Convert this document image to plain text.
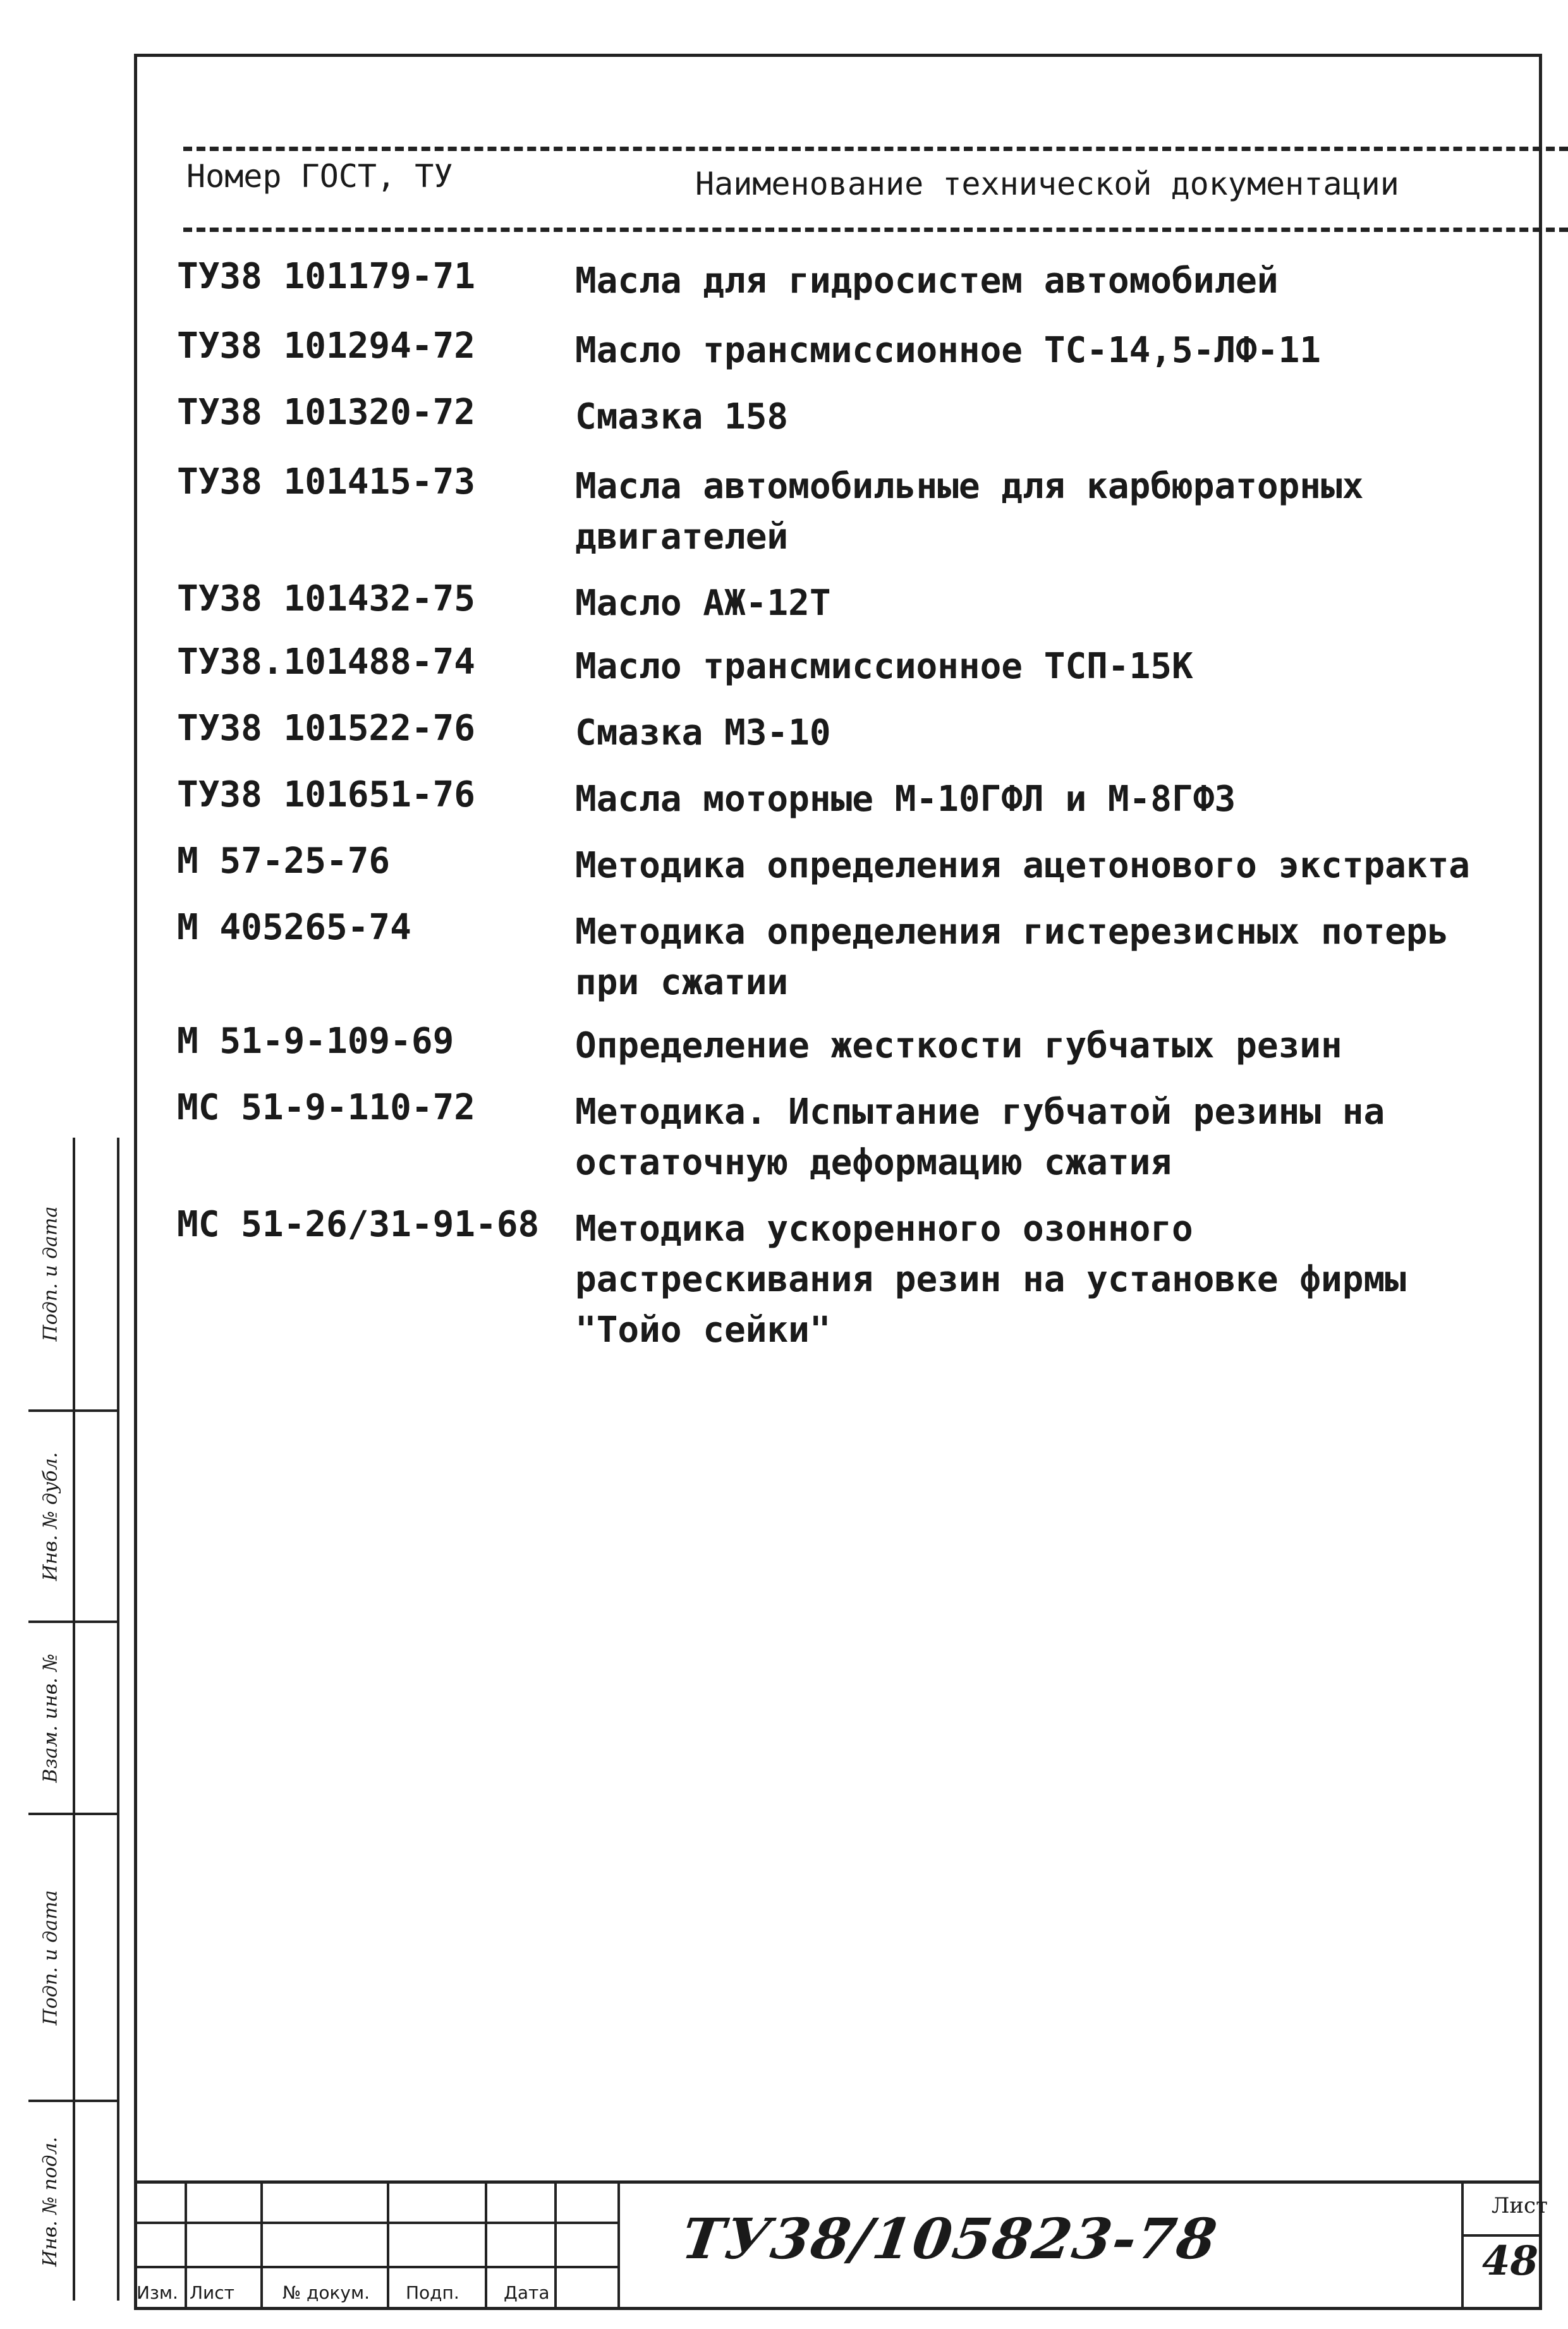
Номер ГОСТ, ТУ	Наименование технической документации
ТУ38 101179-71	Масла для гидросистем автомобилей
ТУ38 101294-72	Масло трансмиссионное ТС-14,5-ЛФ-11
ТУ38 101320-72	Смазка 158
ТУ38 101415-73	Масла автомобильные для карбюраторных двигателей
ТУ38 101432-75	Масло АЖ-12Т
ТУ38.101488-74	Масло трансмиссионное ТСП-15К
ТУ38 101522-76	Смазка МЗ-10
ТУ38 101651-76	Масла моторные М-10ГФЛ и М-8ГФЗ
М 57-25-76	Методика определения ацетонового экстракта
М 405265-74	Методика определения гистерезисных потерь при сжатии
М 51-9-109-69	Определение жесткости губчатых резин
МС 51-9-110-72	Методика. Испытание губчатой резины на остаточную деформацию сжатия
МС 51-26/31-91-68	Методика ускоренного озонного растрескивания резин на установке фирмы "Тойо сейки"
Подп. и дата
Инв. № дубл.
Взам. инв. №
Подп. и дата
Инв. № подл.
Изм. Лист	№ докум. Подп.	Дата
ТУ38/105823-78	Лист
48
